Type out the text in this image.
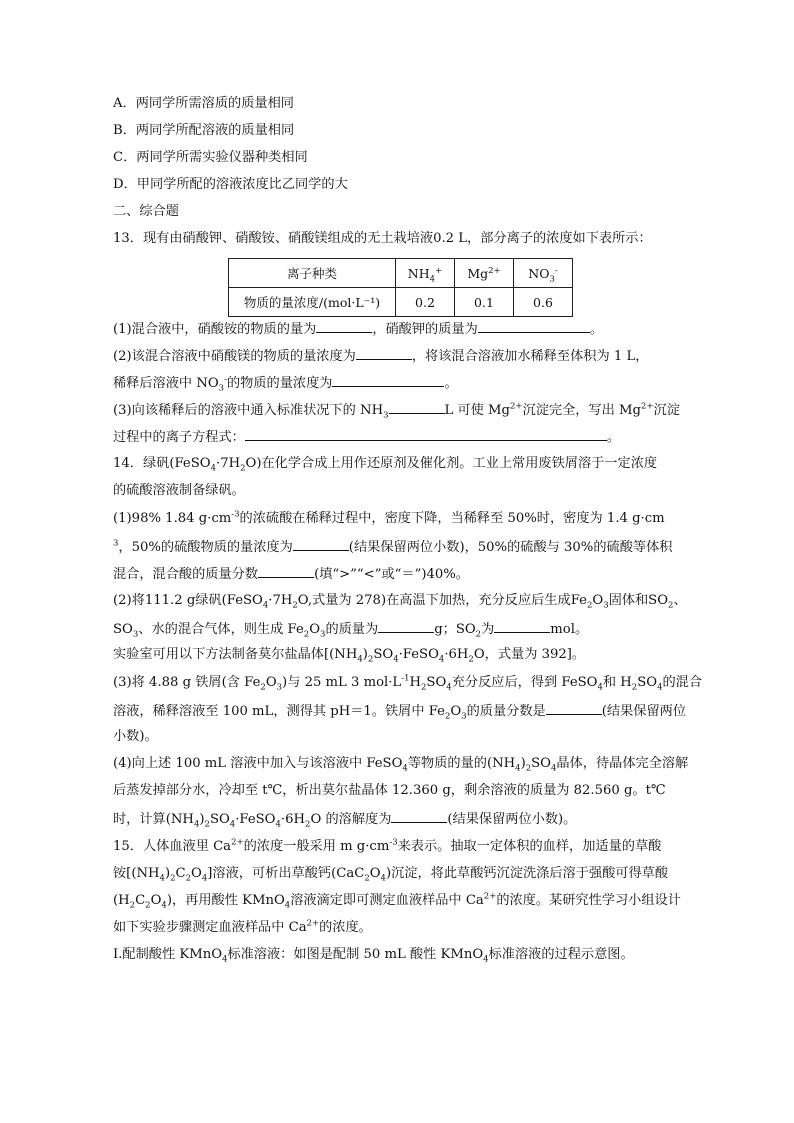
A．两同学所需溶质的质量相同
B．两同学所配溶液的质量相同
C．两同学所需实验仪器种类相同
D．甲同学所配的溶液浓度比乙同学的大
二、综合题
13．现有由硝酸钾、硝酸铵、硝酸镁组成的无土栽培液0.2 L，部分离子的浓度如下表所示：
离子种类	$NH_4^+$	$Mg^{2+}$	$NO_3^-$
物质的量浓度/(mol·L⁻¹)	0.2	0.1	0.6
(1)混合液中，硝酸铵的物质的量为	，硝酸钾的质量为	。
(2)该混合溶液中硝酸镁的物质的量浓度为	，将该混合溶液加水稀释至体积为 1 L，
稀释后溶液中 $NO_3^-$的物质的量浓度为	。
(3)向该稀释后的溶液中通入标准状况下的 $NH_3$	L 可使 $Mg^{2+}$沉淀完全，写出 $Mg^{2+}$沉淀
过程中的离子方程式：	。
14．绿矾$(FeSO_4\cdot 7H_2O)$在化学合成上用作还原剂及催化剂。工业上常用废铁屑溶于一定浓度
的硫酸溶液制备绿矾。
(1)98% 1.84 $g\cdot cm^{-3}$的浓硫酸在稀释过程中，密度下降，当稀释至 50%时，密度为 1.4 g·cm
$^3$，50%的硫酸物质的量浓度为	(结果保留两位小数)，50%的硫酸与 30%的硫酸等体积
混合，混合酸的质量分数	(填“>”“<”或“＝”)40%。
(2)将111.2 g绿矾($FeSO_4\cdot 7H_2O$,式量为 278)在高温下加热，充分反应后生成$Fe_2O_3$固体和$SO_2$、
$SO_3$、水的混合气体，则生成 $Fe_2O_3$的质量为	g；$SO_2$为	mol。
实验室可用以下方法制备莫尔盐晶体[$(NH_4)_2SO_4\cdot FeSO_4\cdot 6H_2O$，式量为 392]。
(3)将 4.88 g 铁屑(含 $Fe_2O_3$)与 25 mL 3 $mol\cdot L^{-1}H_2SO_4$充分反应后，得到 FeSO$_4$和 $H_2SO_4$的混合
溶液，稀释溶液至 100 mL，测得其 pH＝1。铁屑中 $Fe_2O_3$的质量分数是	(结果保留两位
小数)。
(4)向上述 100 mL 溶液中加入与该溶液中 FeSO$_4$等物质的量的$(NH_4)_2SO_4$晶体，待晶体完全溶解
后蒸发掉部分水，冷却至 t℃，析出莫尔盐晶体 12.360 g，剩余溶液的质量为 82.560 g。t℃
时，计算$(NH_4)_2SO_4\cdot FeSO_4\cdot 6H_2O$ 的溶解度为	(结果保留两位小数)。
15．人体血液里 $Ca^{2+}$的浓度一般采用 m $g\cdot cm^{-3}$来表示。抽取一定体积的血样，加适量的草酸
铵$[(NH_4)_2C_2O_4]$溶液，可析出草酸钙$(CaC_2O_4)$沉淀，将此草酸钙沉淀洗涤后溶于强酸可得草酸
$(H_2C_2O_4)$，再用酸性 KMnO$_4$溶液滴定即可测定血液样品中 $Ca^{2+}$的浓度。某研究性学习小组设计
如下实验步骤测定血液样品中 $Ca^{2+}$的浓度。
Ⅰ.配制酸性 KMnO$_4$标准溶液：如图是配制 50 mL 酸性 KMnO$_4$标准溶液的过程示意图。
